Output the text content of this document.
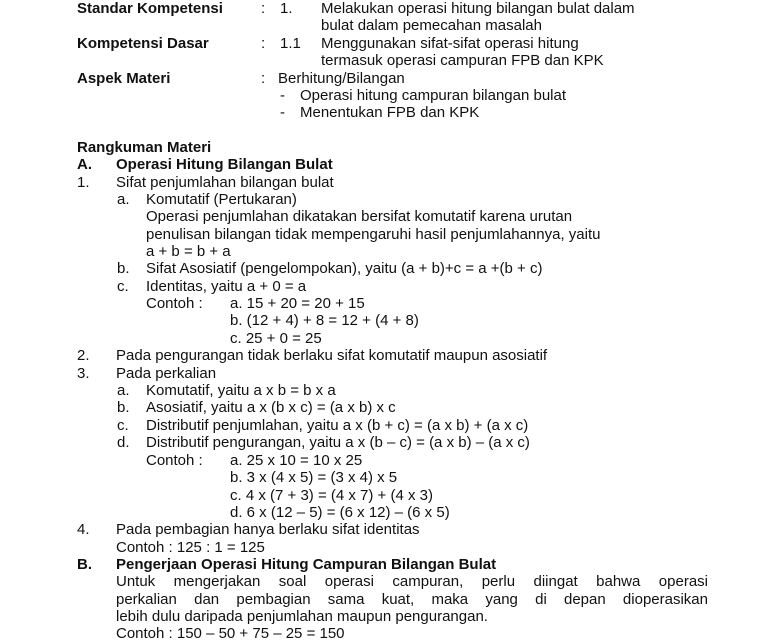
Standar Kompetensi	: 1. Melakukan operasi hitung bilangan bulat dalam
bulat dalam pemecahan masalah
Kompetensi Dasar	: 1.1 Menggunakan sifat-sifat operasi hitung
termasuk operasi campuran FPB dan KPK
Aspek Materi	: Berhitung/Bilangan
- Operasi hitung campuran bilangan bulat
- Menentukan FPB dan KPK
Rangkuman Materi
A. Operasi Hitung Bilangan Bulat
1. Sifat penjumlahan bilangan bulat
a. Komutatif (Pertukaran)
Operasi penjumlahan dikatakan bersifat komutatif karena urutan
penulisan bilangan tidak mempengaruhi hasil penjumlahannya, yaitu
a + b = b + a
b. Sifat Asosiatif (pengelompokan), yaitu (a + b)+c = a +(b + c)
c. Identitas, yaitu a + 0 = a
Contoh : a. 15 + 20 = 20 + 15
b. (12 + 4) + 8 = 12 + (4 + 8)
c. 25 + 0 = 25
2. Pada pengurangan tidak berlaku sifat komutatif maupun asosiatif
3. Pada perkalian
a. Komutatif, yaitu a x b = b x a
b. Asosiatif, yaitu a x (b x c) = (a x b) x c
c. Distributif penjumlahan, yaitu a x (b + c) = (a x b) + (a x c)
d. Distributif pengurangan, yaitu a x (b – c) = (a x b) – (a x c)
Contoh : a. 25 x 10 = 10 x 25
b. 3 x (4 x 5) = (3 x 4) x 5
c. 4 x (7 + 3) = (4 x 7) + (4 x 3)
d. 6 x (12 – 5) = (6 x 12) – (6 x 5)
4. Pada pembagian hanya berlaku sifat identitas
Contoh : 125 : 1 = 125
B. Pengerjaan Operasi Hitung Campuran Bilangan Bulat
Untuk mengerjakan soal operasi campuran, perlu diingat bahwa operasi
perkalian dan pembagian sama kuat, maka yang di depan dioperasikan
lebih dulu daripada penjumlahan maupun pengurangan.
Contoh : 150 – 50 + 75 – 25 = 150
